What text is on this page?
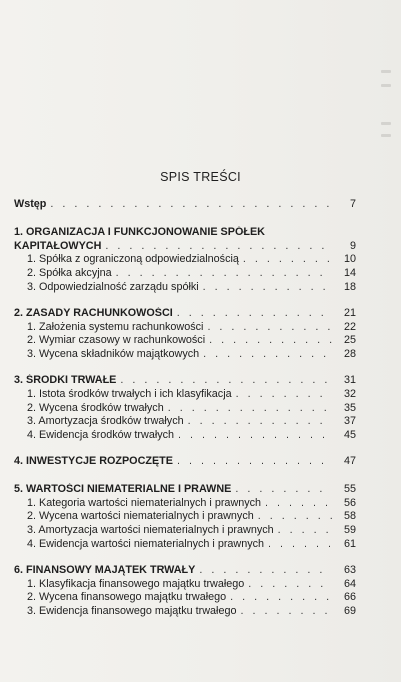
SPIS TREŚCI
Wstęp . . .	7
1. ORGANIZACJA I FUNKCJONOWANIE SPÓŁEK
KAPITAŁOWYCH . . .	9
1. Spółka z ograniczoną odpowiedzialnością . . .	10
2. Spółka akcyjna . . .	14
3. Odpowiedzialność zarządu spółki . . .	18
2. ZASADY RACHUNKOWOŚCI . . .	21
1. Założenia systemu rachunkowości . . .	22
2. Wymiar czasowy w rachunkowości . . .	25
3. Wycena składników majątkowych . . .	28
3. ŚRODKI TRWAŁE . . .	31
1. Istota środków trwałych i ich klasyfikacja . . .	32
2. Wycena środków trwałych . . .	35
3. Amortyzacja środków trwałych . . .	37
4. Ewidencja środków trwałych . . .	45
4. INWESTYCJE ROZPOCZĘTE . . .	47
5. WARTOŚCI NIEMATERIALNE I PRAWNE . . .	55
1. Kategoria wartości niematerialnych i prawnych . . .	56
2. Wycena wartości niematerialnych i prawnych . . .	58
3. Amortyzacja wartości niematerialnych i prawnych . . .	59
4. Ewidencja wartości niematerialnych i prawnych . . .	61
6. FINANSOWY MAJĄTEK TRWAŁY . . .	63
1. Klasyfikacja finansowego majątku trwałego . . .	64
2. Wycena finansowego majątku trwałego . . .	66
3. Ewidencja finansowego majątku trwałego . . .	69
